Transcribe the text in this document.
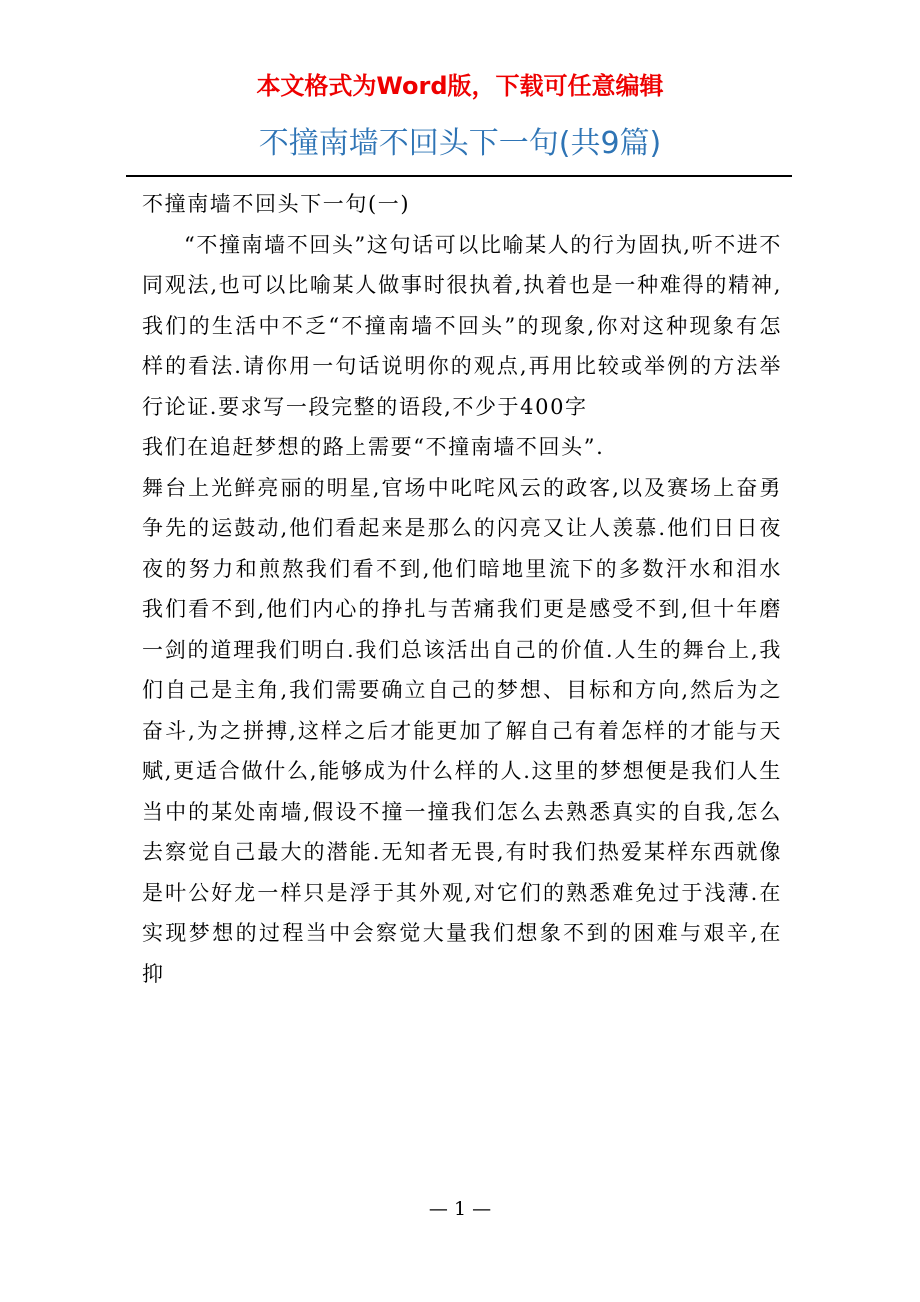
本文格式为Word版，下载可任意编辑
不撞南墙不回头下一句(共9篇)

不撞南墙不回头下一句(一)

“不撞南墙不回头”这句话可以比喻某人的行为固执,听不进不同观法,也可以比喻某人做事时很执着,执着也是一种难得的精神,我们的生活中不乏“不撞南墙不回头”的现象,你对这种现象有怎样的看法.请你用一句话说明你的观点,再用比较或举例的方法举行论证.要求写一段完整的语段,不少于400字

我们在追赶梦想的路上需要“不撞南墙不回头”.

舞台上光鲜亮丽的明星,官场中叱咤风云的政客,以及赛场上奋勇争先的运鼓动,他们看起来是那么的闪亮又让人羡慕.他们日日夜夜的努力和煎熬我们看不到,他们暗地里流下的多数汗水和泪水我们看不到,他们内心的挣扎与苦痛我们更是感受不到,但十年磨一剑的道理我们明白.我们总该活出自己的价值.人生的舞台上,我们自己是主角,我们需要确立自己的梦想、目标和方向,然后为之奋斗,为之拼搏,这样之后才能更加了解自己有着怎样的才能与天赋,更适合做什么,能够成为什么样的人.这里的梦想便是我们人生当中的某处南墙,假设不撞一撞我们怎么去熟悉真实的自我,怎么去察觉自己最大的潜能.无知者无畏,有时我们热爱某样东西就像是叶公好龙一样只是浮于其外观,对它们的熟悉难免过于浅薄.在实现梦想的过程当中会察觉大量我们想象不到的困难与艰辛,在抑

— 1 —
